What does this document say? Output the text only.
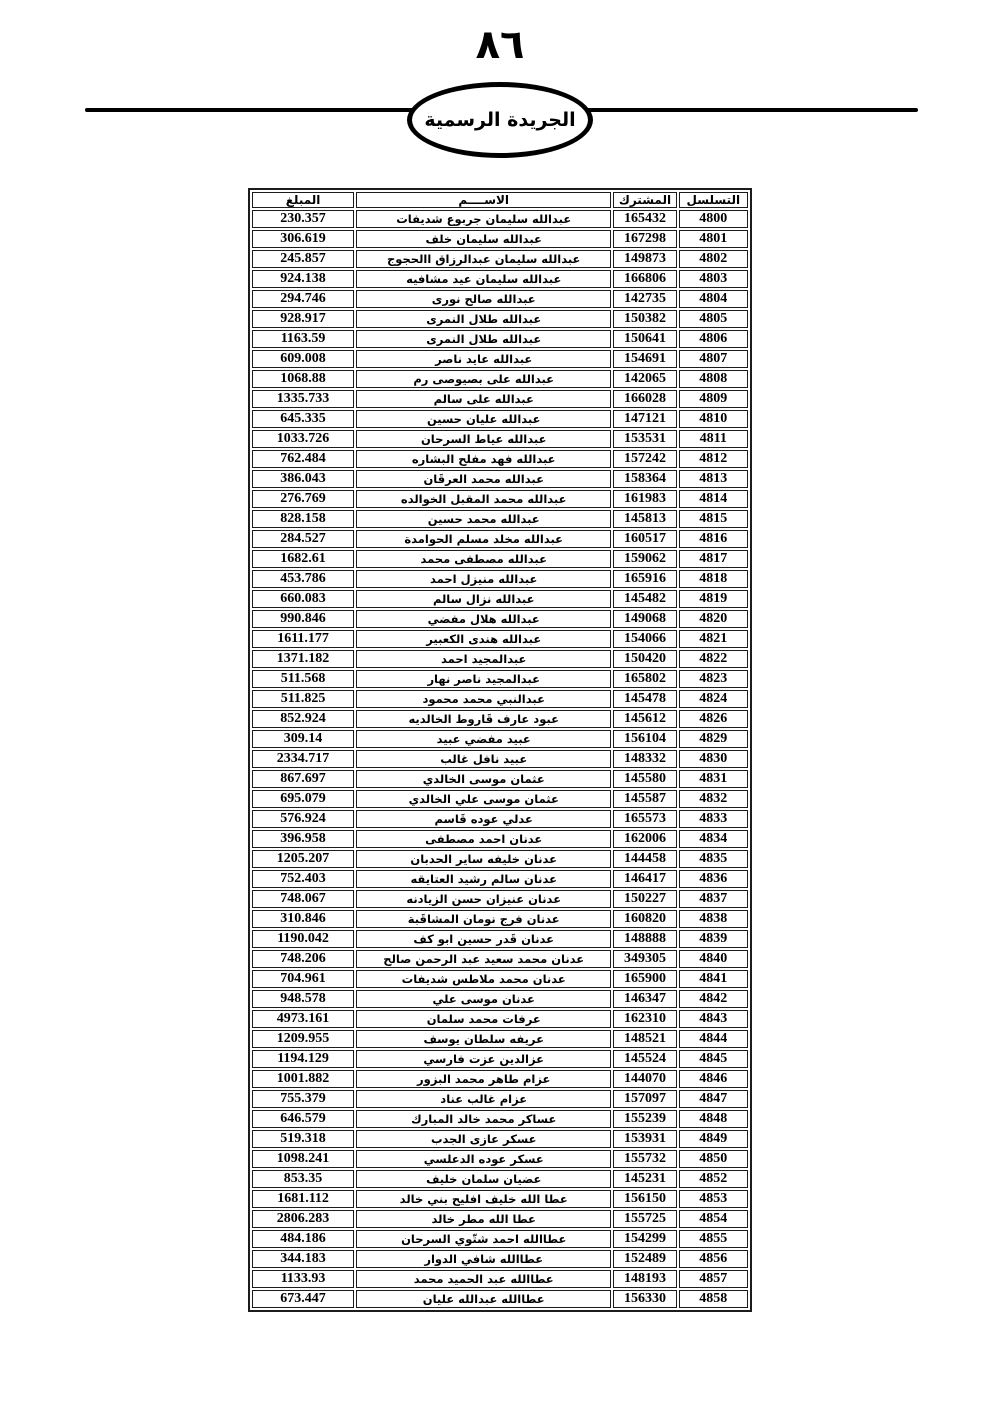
٨٦
الجريدة الرسمية
التسلسل	المشترك	الاســــم	المبلغ
4800	165432	عبدالله سليمان جربوع شديفات	230.357
4801	167298	عبدالله سليمان خلف	306.619
4802	149873	عبدالله سليمان عبدالرزاق االحجوج	245.857
4803	166806	عبدالله سليمان عيد مشافيه	924.138
4804	142735	عبدالله صالح نورى	294.746
4805	150382	عبدالله طلال النمرى	928.917
4806	150641	عبدالله طلال النمرى	1163.59
4807	154691	عبدالله عايد ناصر	609.008
4808	142065	عبدالله على بصيوصى رم	1068.88
4809	166028	عبدالله على سالم	1335.733
4810	147121	عبدالله عليان حسين	645.335
4811	153531	عبدالله عياط السرحان	1033.726
4812	157242	عبدالله فهد مفلح البشاره	762.484
4813	158364	عبدالله محمد العرقَان	386.043
4814	161983	عبدالله محمد المقبل الخوالده	276.769
4815	145813	عبدالله محمد حسين	828.158
4816	160517	عبدالله مخلد مسلم الحوامدة	284.527
4817	159062	عبدالله مصطفى محمد	1682.61
4818	165916	عبدالله منيزل احمد	453.786
4819	145482	عبدالله نزال سالم	660.083
4820	149068	عبدالله هلال مفضي	990.846
4821	154066	عبدالله هندى الكعبير	1611.177
4822	150420	عبدالمجيد احمد	1371.182
4823	165802	عبدالمجيد ناصر نهار	511.568
4824	145478	عبدالنبي محمد محمود	511.825
4826	145612	عبود عارف قَاروط الخالديه	852.924
4829	156104	عبيد مفضي عبيد	309.14
4830	148332	عبيد نافل غالب	2334.717
4831	145580	عثمان موسى الخالدي	867.697
4832	145587	عثمان موسى علي الخالدي	695.079
4833	165573	عدلي عوده قَاسم	576.924
4834	162006	عدنان احمد مصطفى	396.958
4835	144458	عدنان خليفه ساير الحدبان	1205.207
4836	146417	عدنان سالم رشيد العتايقه	752.403
4837	150227	عدنان عنيزان حسن الزيادنه	748.067
4838	160820	عدنان فرج نومان المشاقَبة	310.846
4839	148888	عدنان قَدر حسين ابو كف	1190.042
4840	349305	عدنان محمد سعيد عبد الرحمن صالح	748.206
4841	165900	عدنان محمد ملاطس شديفات	704.961
4842	146347	عدنان موسى علي	948.578
4843	162310	عرفات محمد سلمان	4973.161
4844	148521	عريفه سلطان يوسف	1209.955
4845	145524	عزالدين عزت فارسي	1194.129
4846	144070	عزام طاهر محمد البزور	1001.882
4847	157097	عزام غالب عناد	755.379
4848	155239	عساكر محمد خالد المبارك	646.579
4849	153931	عسكر عازى الجدب	519.318
4850	155732	عسكر عوده الدعلسي	1098.241
4852	145231	عضيان سلمان خليف	853.35
4853	156150	عطا الله خليف افليح بني خالد	1681.112
4854	155725	عطا الله مطر خالد	2806.283
4855	154299	عطاالله احمد شتّوي السرحان	484.186
4856	152489	عطاالله شافي الدوار	344.183
4857	148193	عطاالله عبد الحميد محمد	1133.93
4858	156330	عطاالله عبدالله عليان	673.447
